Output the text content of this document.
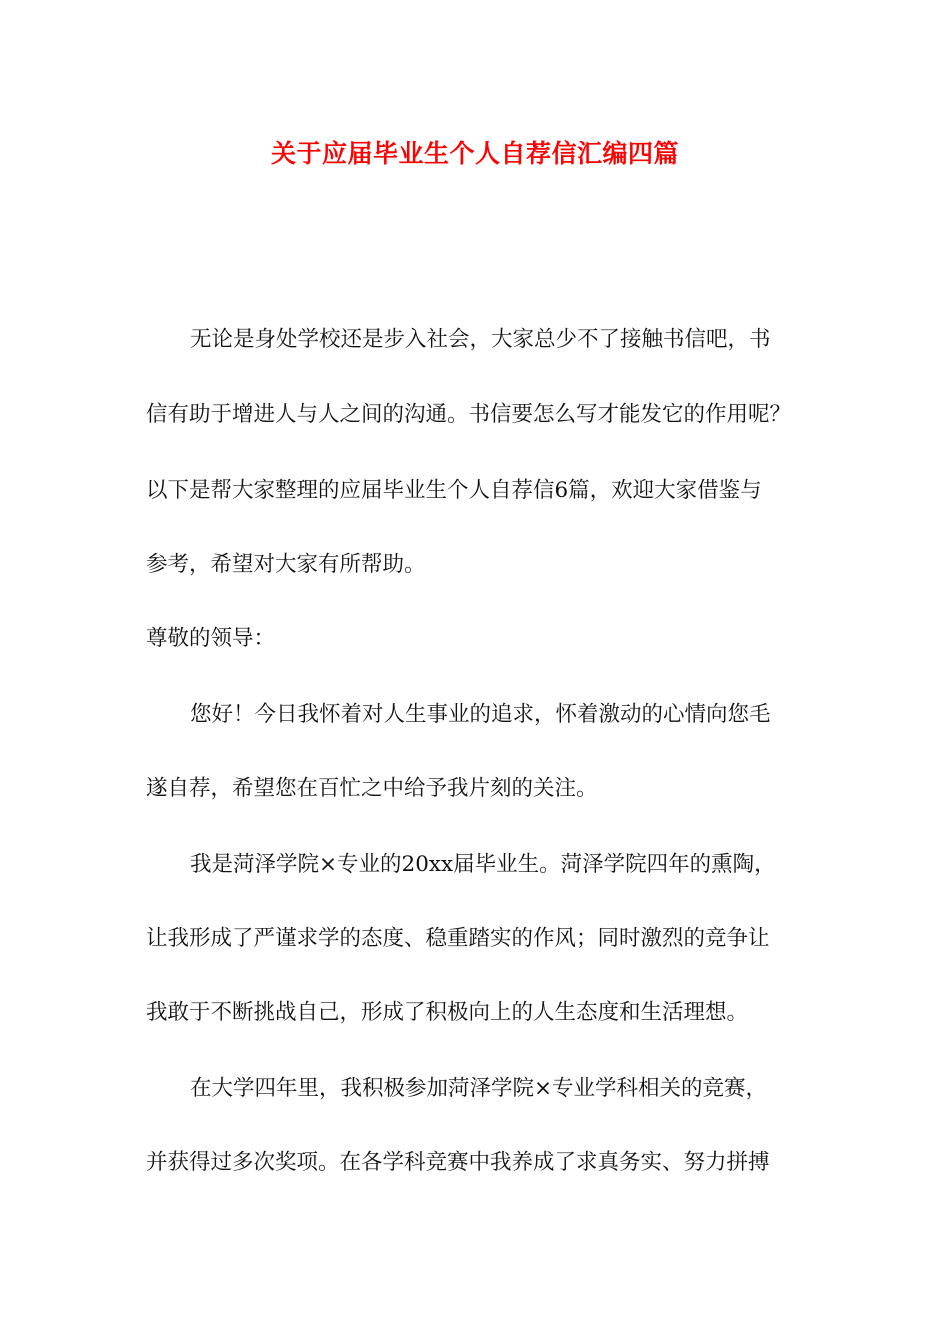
关于应届毕业生个人自荐信汇编四篇
无论是身处学校还是步入社会，大家总少不了接触书信吧，书
信有助于增进人与人之间的沟通。书信要怎么写才能发它的作用呢？
以下是帮大家整理的应届毕业生个人自荐信6篇，欢迎大家借鉴与
参考，希望对大家有所帮助。
尊敬的领导：
您好！今日我怀着对人生事业的追求，怀着激动的心情向您毛
遂自荐，希望您在百忙之中给予我片刻的关注。
我是菏泽学院×专业的20xx届毕业生。菏泽学院四年的熏陶，
让我形成了严谨求学的态度、稳重踏实的作风；同时激烈的竞争让
我敢于不断挑战自己，形成了积极向上的人生态度和生活理想。
在大学四年里，我积极参加菏泽学院×专业学科相关的竞赛，
并获得过多次奖项。在各学科竞赛中我养成了求真务实、努力拼搏
